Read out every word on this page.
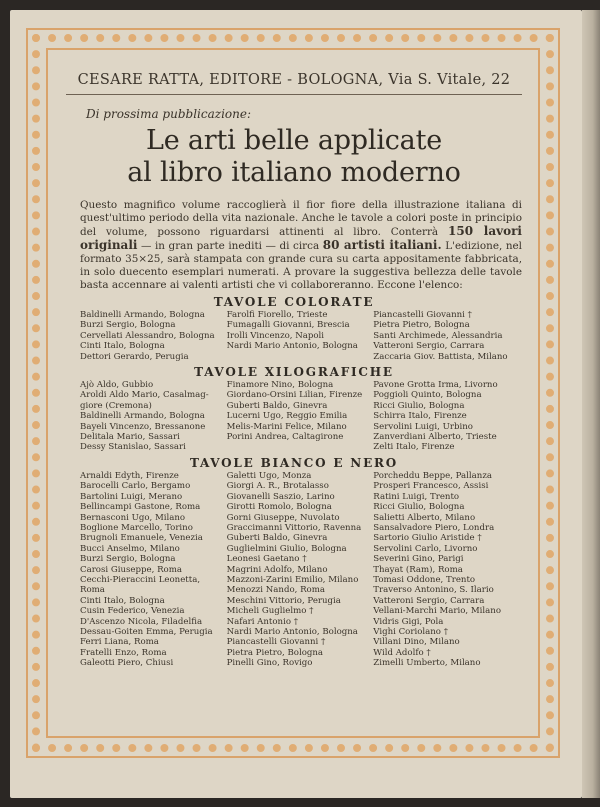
CESARE RATTA, EDITORE - BOLOGNA, Via S. Vitale, 22
Di prossima pubblicazione:
Le arti belle applicate
al libro italiano moderno
Questo magnifico volume raccoglierà il fior fiore della illustrazione italiana di quest'ultimo periodo della vita nazionale. Anche le tavole a colori poste in principio del volume, possono riguardarsi attinenti al libro. Conterrà 150 lavori originali — in gran parte inediti — di circa 80 artisti italiani. L'edizione, nel formato 35×25, sarà stampata con grande cura su carta appositamente fabbricata, in solo duecento esemplari numerati. A provare la suggestiva bellezza delle tavole basta accennare ai valenti artisti che vi collaboreranno. Eccone l'elenco:
TAVOLE COLORATE
Baldinelli Armando, Bologna
Burzi Sergio, Bologna
Cervellati Alessandro, Bologna
Cinti Italo, Bologna
Dettori Gerardo, Perugia
Farolfi Fiorello, Trieste
Fumagalli Giovanni, Brescia
Irolli Vincenzo, Napoli
Nardi Mario Antonio, Bologna
Piancastelli Giovanni †
Pietra Pietro, Bologna
Santi Archimede, Alessandria
Vatteroni Sergio, Carrara
Zaccaria Giov. Battista, Milano
TAVOLE XILOGRAFICHE
Ajò Aldo, Gubbio
Aroldi Aldo Mario, Casalmag-
giore (Cremona)
Baldinelli Armando, Bologna
Bayeli Vincenzo, Bressanone
Delitala Mario, Sassari
Dessy Stanislao, Sassari
Finamore Nino, Bologna
Giordano-Orsini Lilian, Firenze
Guberti Baldo, Ginevra
Lucerni Ugo, Reggio Emilia
Melis-Marini Felice, Milano
Porini Andrea, Caltagirone
Pavone Grotta Irma, Livorno
Poggioli Quinto, Bologna
Ricci Giulio, Bologna
Schirra Italo, Firenze
Servolini Luigi, Urbino
Zanverdiani Alberto, Trieste
Zelti Italo, Firenze
TAVOLE BIANCO E NERO
Arnaldi Edyth, Firenze
Barocelli Carlo, Bergamo
Bartolini Luigi, Merano
Bellincampi Gastone, Roma
Bernasconi Ugo, Milano
Boglione Marcello, Torino
Brugnoli Emanuele, Venezia
Bucci Anselmo, Milano
Burzi Sergio, Bologna
Carosi Giuseppe, Roma
Cecchi-Pieraccini Leonetta,
Roma
Cinti Italo, Bologna
Cusin Federico, Venezia
D'Ascenzo Nicola, Filadelfia
Dessau-Goiten Emma, Perugia
Ferri Liana, Roma
Fratelli Enzo, Roma
Galeotti Piero, Chiusi
Galetti Ugo, Monza
Giorgi A. R., Brotalasso
Giovanelli Saszio, Larino
Girotti Romolo, Bologna
Gorni Giuseppe, Nuvolato
Graccimanni Vittorio, Ravenna
Guberti Baldo, Ginevra
Guglielmini Giulio, Bologna
Leonesi Gaetano †
Magrini Adolfo, Milano
Mazzoni-Zarini Emilio, Milano
Menozzi Nando, Roma
Meschini Vittorio, Perugia
Micheli Guglielmo †
Nafari Antonio †
Nardi Mario Antonio, Bologna
Piancastelli Giovanni †
Pietra Pietro, Bologna
Pinelli Gino, Rovigo
Porcheddu Beppe, Pallanza
Prosperi Francesco, Assisi
Ratini Luigi, Trento
Ricci Giulio, Bologna
Salietti Alberto, Milano
Sansalvadore Piero, Londra
Sartorio Giulio Aristide †
Servolini Carlo, Livorno
Severini Gino, Parigi
Thayat (Ram), Roma
Tomasi Oddone, Trento
Traverso Antonino, S. Ilario
Vatteroni Sergio, Carrara
Vellani-Marchi Mario, Milano
Vidris Gigi, Pola
Vighi Coriolano †
Villani Dino, Milano
Wild Adolfo †
Zimelli Umberto, Milano
